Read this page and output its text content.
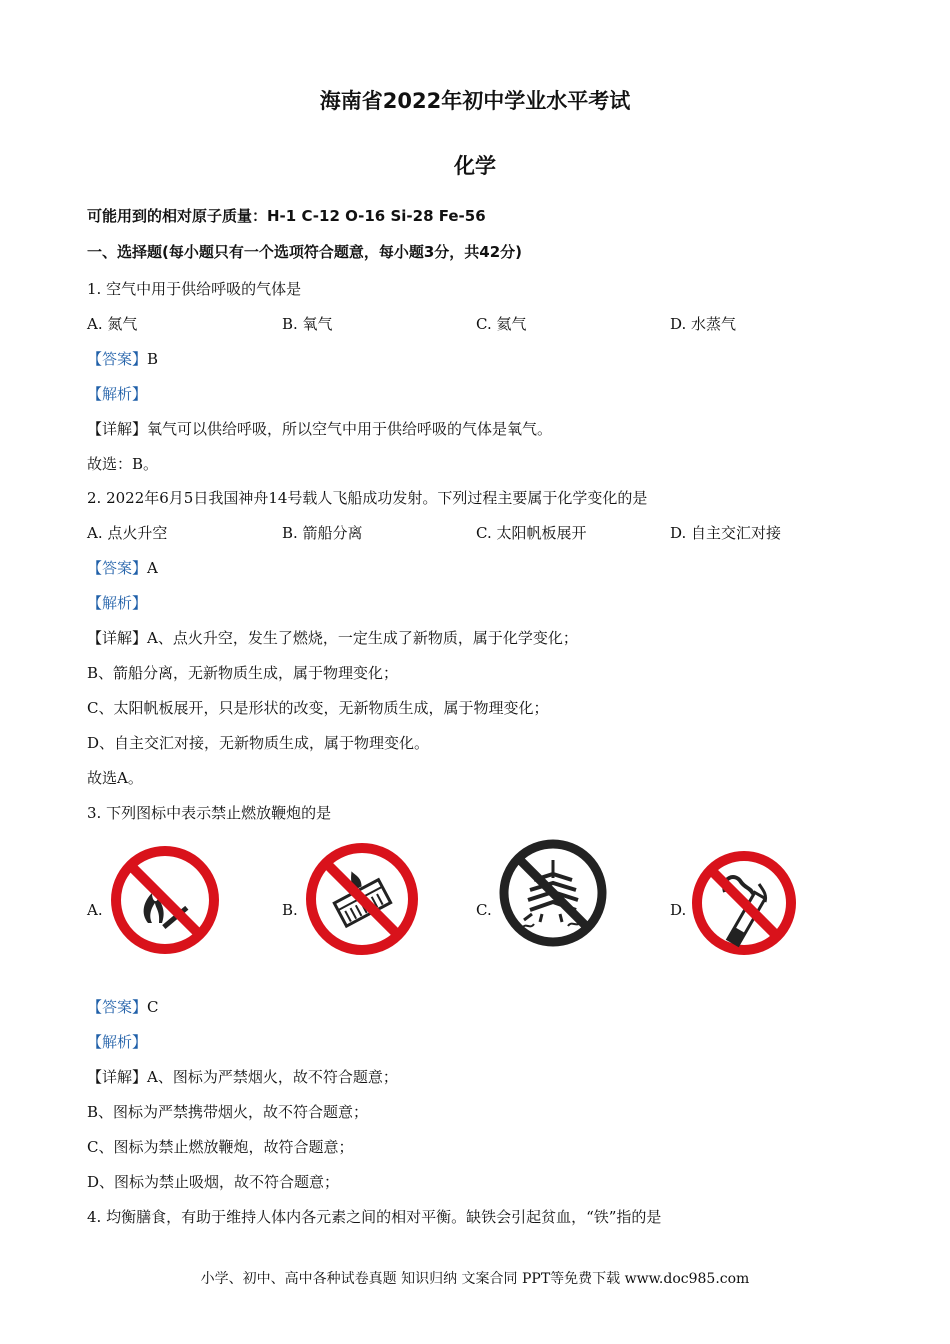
海南省2022年初中学业水平考试
化学
可能用到的相对原子质量：H-1 C-12 O-16 Si-28 Fe-56
一、选择题(每小题只有一个选项符合题意，每小题3分，共42分)
1. 空气中用于供给呼吸的气体是
A. 氮气	B. 氧气	C. 氦气	D. 水蒸气
【答案】B
【解析】
【详解】氧气可以供给呼吸，所以空气中用于供给呼吸的气体是氧气。
故选：B。
2. 2022年6月5日我国神舟14号载人飞船成功发射。下列过程主要属于化学变化的是
A. 点火升空	B. 箭船分离	C. 太阳帆板展开	D. 自主交汇对接
【答案】A
【解析】
【详解】A、点火升空，发生了燃烧，一定生成了新物质，属于化学变化；
B、箭船分离，无新物质生成，属于物理变化；
C、太阳帆板展开，只是形状的改变，无新物质生成，属于物理变化；
D、自主交汇对接，无新物质生成，属于物理变化。
故选A。
3. 下列图标中表示禁止燃放鞭炮的是
A.	B.	C.	D.
【答案】C
【解析】
【详解】A、图标为严禁烟火，故不符合题意；
B、图标为严禁携带烟火，故不符合题意；
C、图标为禁止燃放鞭炮，故符合题意；
D、图标为禁止吸烟，故不符合题意；
4. 均衡膳食，有助于维持人体内各元素之间的相对平衡。缺铁会引起贫血，“铁”指的是
小学、初中、高中各种试卷真题 知识归纳 文案合同 PPT等免费下载 www.doc985.com
